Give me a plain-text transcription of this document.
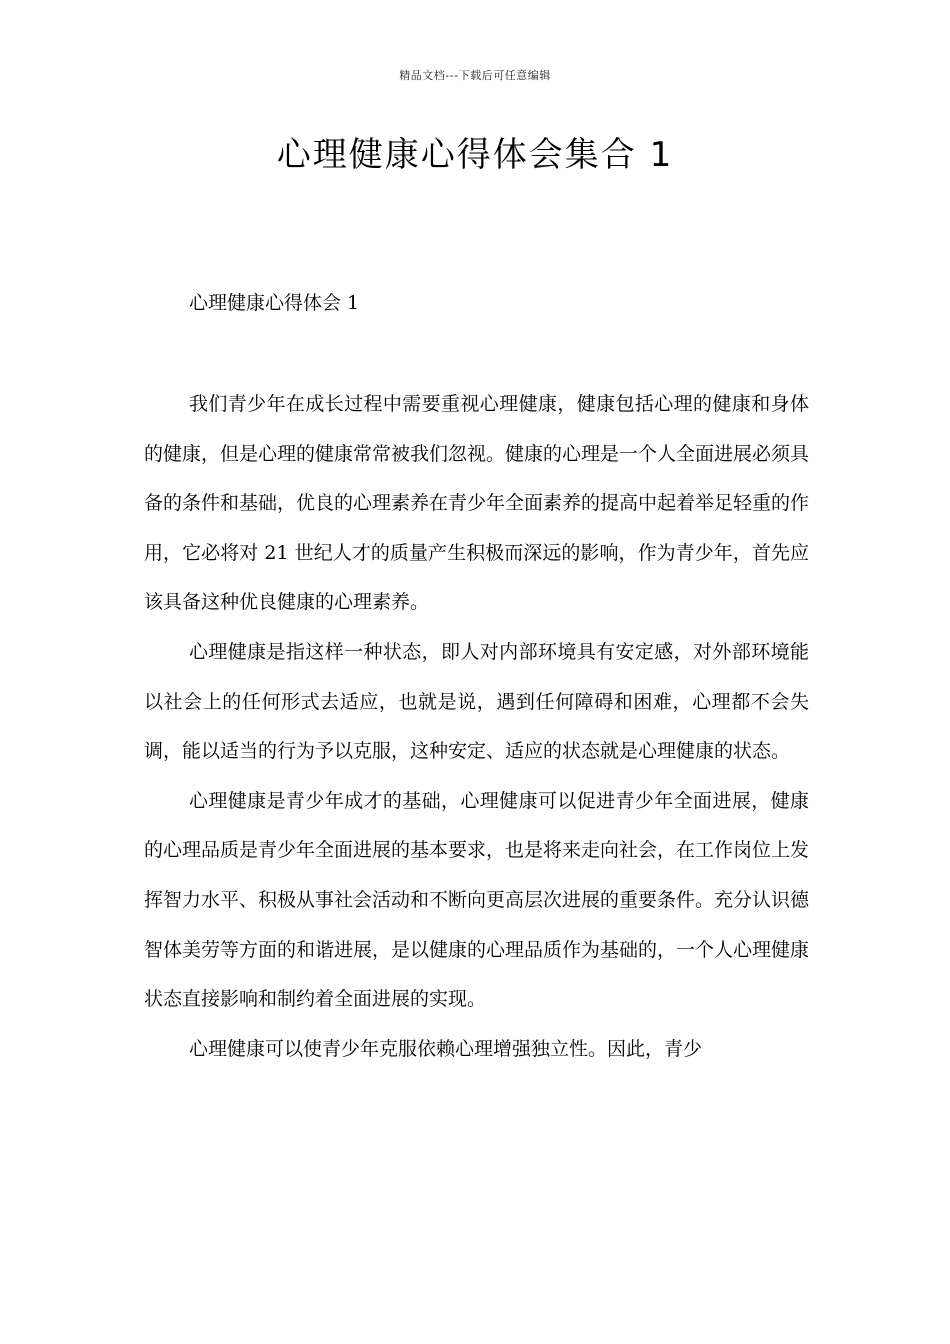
精品文档---下载后可任意编辑
心理健康心得体会集合 1
心理健康心得体会 1

我们青少年在成长过程中需要重视心理健康，健康包括心理的健康和身体的健康，但是心理的健康常常被我们忽视。健康的心理是一个人全面进展必须具备的条件和基础，优良的心理素养在青少年全面素养的提高中起着举足轻重的作用，它必将对 21 世纪人才的质量产生积极而深远的影响，作为青少年，首先应该具备这种优良健康的心理素养。

心理健康是指这样一种状态，即人对内部环境具有安定感，对外部环境能以社会上的任何形式去适应，也就是说，遇到任何障碍和困难，心理都不会失调，能以适当的行为予以克服，这种安定、适应的状态就是心理健康的状态。

心理健康是青少年成才的基础，心理健康可以促进青少年全面进展，健康的心理品质是青少年全面进展的基本要求，也是将来走向社会，在工作岗位上发挥智力水平、积极从事社会活动和不断向更高层次进展的重要条件。充分认识德智体美劳等方面的和谐进展，是以健康的心理品质作为基础的，一个人心理健康状态直接影响和制约着全面进展的实现。

心理健康可以使青少年克服依赖心理增强独立性。因此，青少
